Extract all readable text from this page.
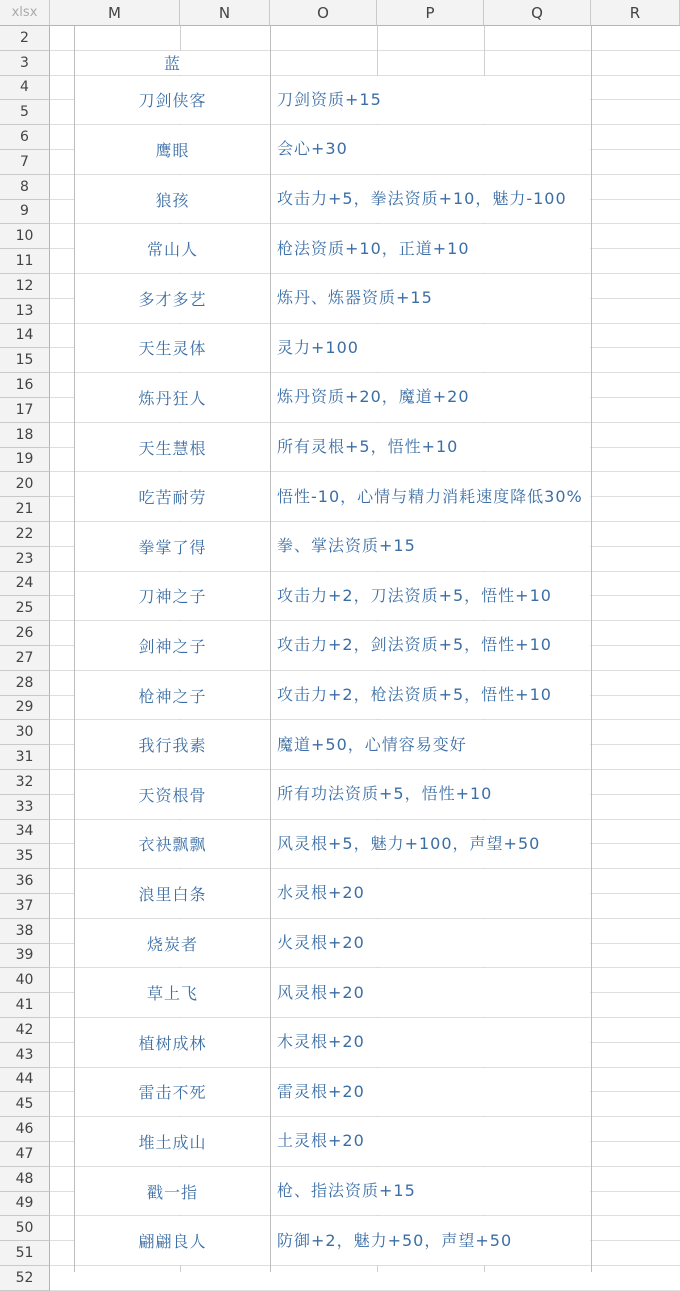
蓝
刀剑侠客	刀剑资质+15
鹰眼	会心+30
狼孩	攻击力+5，拳法资质+10，魅力-100
常山人	枪法资质+10，正道+10
多才多艺	炼丹、炼器资质+15
天生灵体	灵力+100
炼丹狂人	炼丹资质+20，魔道+20
天生慧根	所有灵根+5，悟性+10
吃苦耐劳	悟性-10，心情与精力消耗速度降低30%
拳掌了得	拳、掌法资质+15
刀神之子	攻击力+2，刀法资质+5，悟性+10
剑神之子	攻击力+2，剑法资质+5，悟性+10
枪神之子	攻击力+2，枪法资质+5，悟性+10
我行我素	魔道+50，心情容易变好
天资根骨	所有功法资质+5，悟性+10
衣袂飘飘	风灵根+5，魅力+100，声望+50
浪里白条	水灵根+20
烧炭者	火灵根+20
草上飞	风灵根+20
植树成林	木灵根+20
雷击不死	雷灵根+20
堆土成山	土灵根+20
戳一指	枪、指法资质+15
翩翩良人	防御+2，魅力+50，声望+50
2
3
4
5
6
7
8
9
10
11
12
13
14
15
16
17
18
19
20
21
22
23
24
25
26
27
28
29
30
31
32
33
34
35
36
37
38
39
40
41
42
43
44
45
46
47
48
49
50
51
52
xlsx	M	N	O	P	Q	R
